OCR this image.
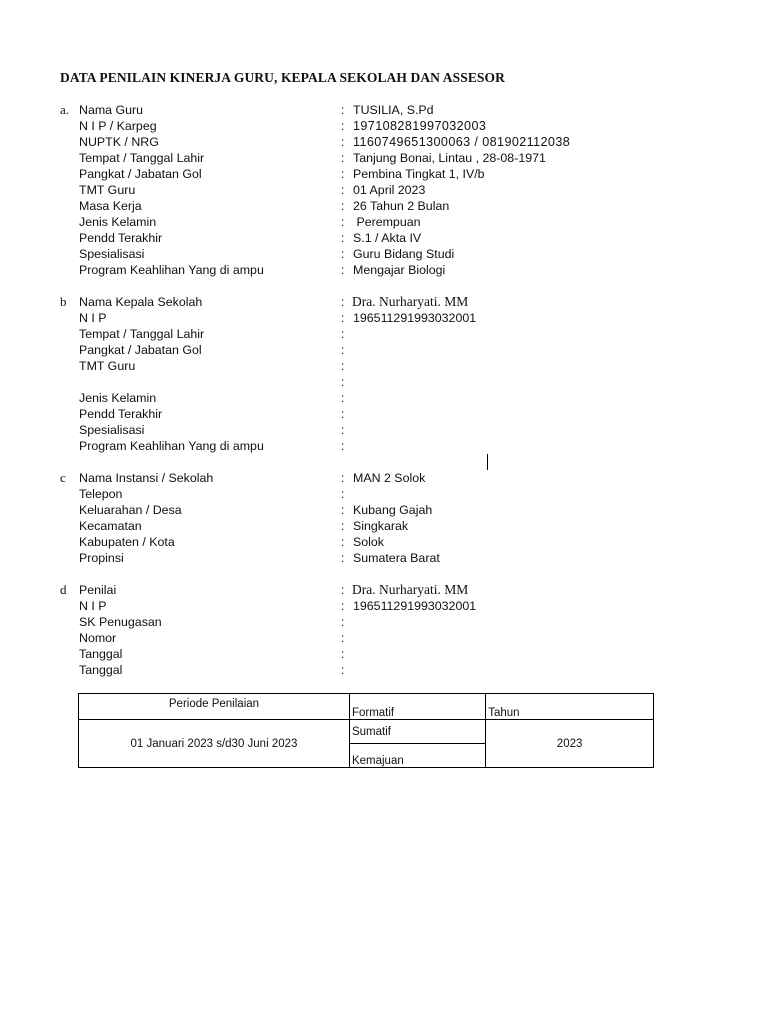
DATA PENILAIN KINERJA GURU, KEPALA SEKOLAH DAN ASSESOR
a. Nama Guru	: TUSILIA, S.Pd
N I P / Karpeg	: 197108281997032003
NUPTK / NRG	: 1160749651300063 / 081902112038
Tempat / Tanggal Lahir	: Tanjung Bonai, Lintau , 28-08-1971
Pangkat / Jabatan Gol	: Pembina Tingkat 1, IV/b
TMT Guru	: 01 April 2023
Masa Kerja	: 26 Tahun 2 Bulan
Jenis Kelamin	: Perempuan
Pendd Terakhir	: S.1 / Akta IV
Spesialisasi	: Guru Bidang Studi
Program Keahlihan Yang di ampu	: Mengajar Biologi
b Nama Kepala Sekolah	: Dra. Nurharyati. MM
N I P	: 196511291993032001
Tempat / Tanggal Lahir	:
Pangkat / Jabatan Gol	:
TMT Guru	:
:
Jenis Kelamin	:
Pendd Terakhir	:
Spesialisasi	:
Program Keahlihan Yang di ampu	:
c Nama Instansi / Sekolah	: MAN 2 Solok
Telepon	:
Keluarahan / Desa	: Kubang Gajah
Kecamatan	: Singkarak
Kabupaten / Kota	: Solok
Propinsi	: Sumatera Barat
d Penilai	: Dra. Nurharyati. MM
N I P	: 196511291993032001
SK Penugasan	:
Nomor	:
Tanggal	:
Tanggal	:
Periode Penilaian	Formatif	Tahun
01 Januari 2023 s/d30 Juni 2023	Sumatif	2023
	Kemajuan	
